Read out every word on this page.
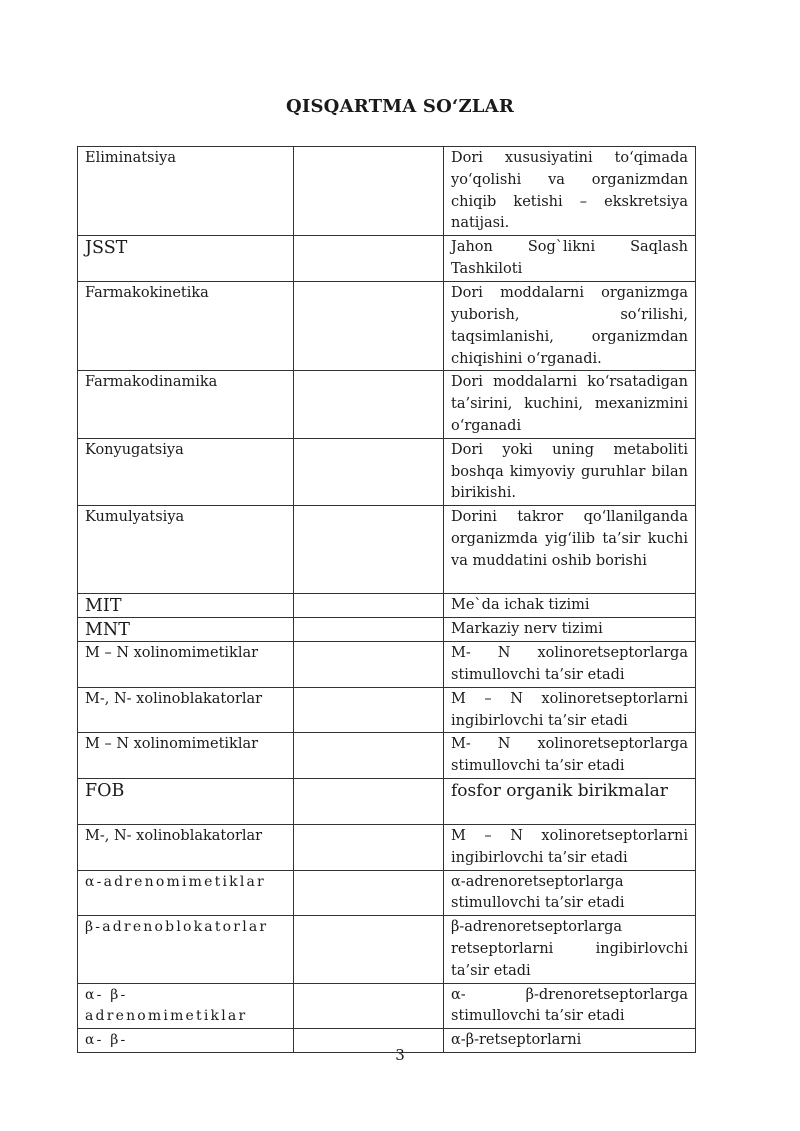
QISQARTMA SO‘ZLAR
Eliminatsiya		Dori xususiyatini to‘qimada yo‘qolishi va organizmdan chiqib ketishi – ekskretsiya natijasi.
JSST		Jahon Sog`likni Saqlash Tashkiloti
Farmakokinetika		Dori moddalarni organizmga yuborish, so‘rilishi, taqsimlanishi, organizmdan chiqishini o‘rganadi.
Farmakodinamika		Dori moddalarni ko‘rsatadigan ta’sirini, kuchini, mexanizmini o‘rganadi
Konyugatsiya		Dori yoki uning metaboliti boshqa kimyoviy guruhlar bilan birikishi.
Kumulyatsiya		Dorini takror qo‘llanilganda organizmda yig‘ilib ta’sir kuchi va muddatini oshib borishi
MIT		Me`da ichak tizimi
MNT		Markaziy nerv tizimi
M – N xolinomimetiklar		M- N xolinoretseptorlarga stimullovchi ta’sir etadi
M-, N- xolinoblakatorlar		M – N xolinoretseptorlarni ingibirlovchi ta’sir etadi
M – N xolinomimetiklar		M- N xolinoretseptorlarga stimullovchi ta’sir etadi
FOB		fosfor organik birikmalar
M-, N- xolinoblakatorlar		M – N xolinoretseptorlarni ingibirlovchi ta’sir etadi
α-adrenomimetiklar		α-adrenoretseptorlarga stimullovchi ta’sir etadi
β-adrenoblokatorlar		β-adrenoretseptorlarga retseptorlarni ingibirlovchi ta’sir etadi
α- β- adrenomimetiklar		α- β-drenoretseptorlarga stimullovchi ta’sir etadi
α- β-		α-β-retseptorlarni
3
